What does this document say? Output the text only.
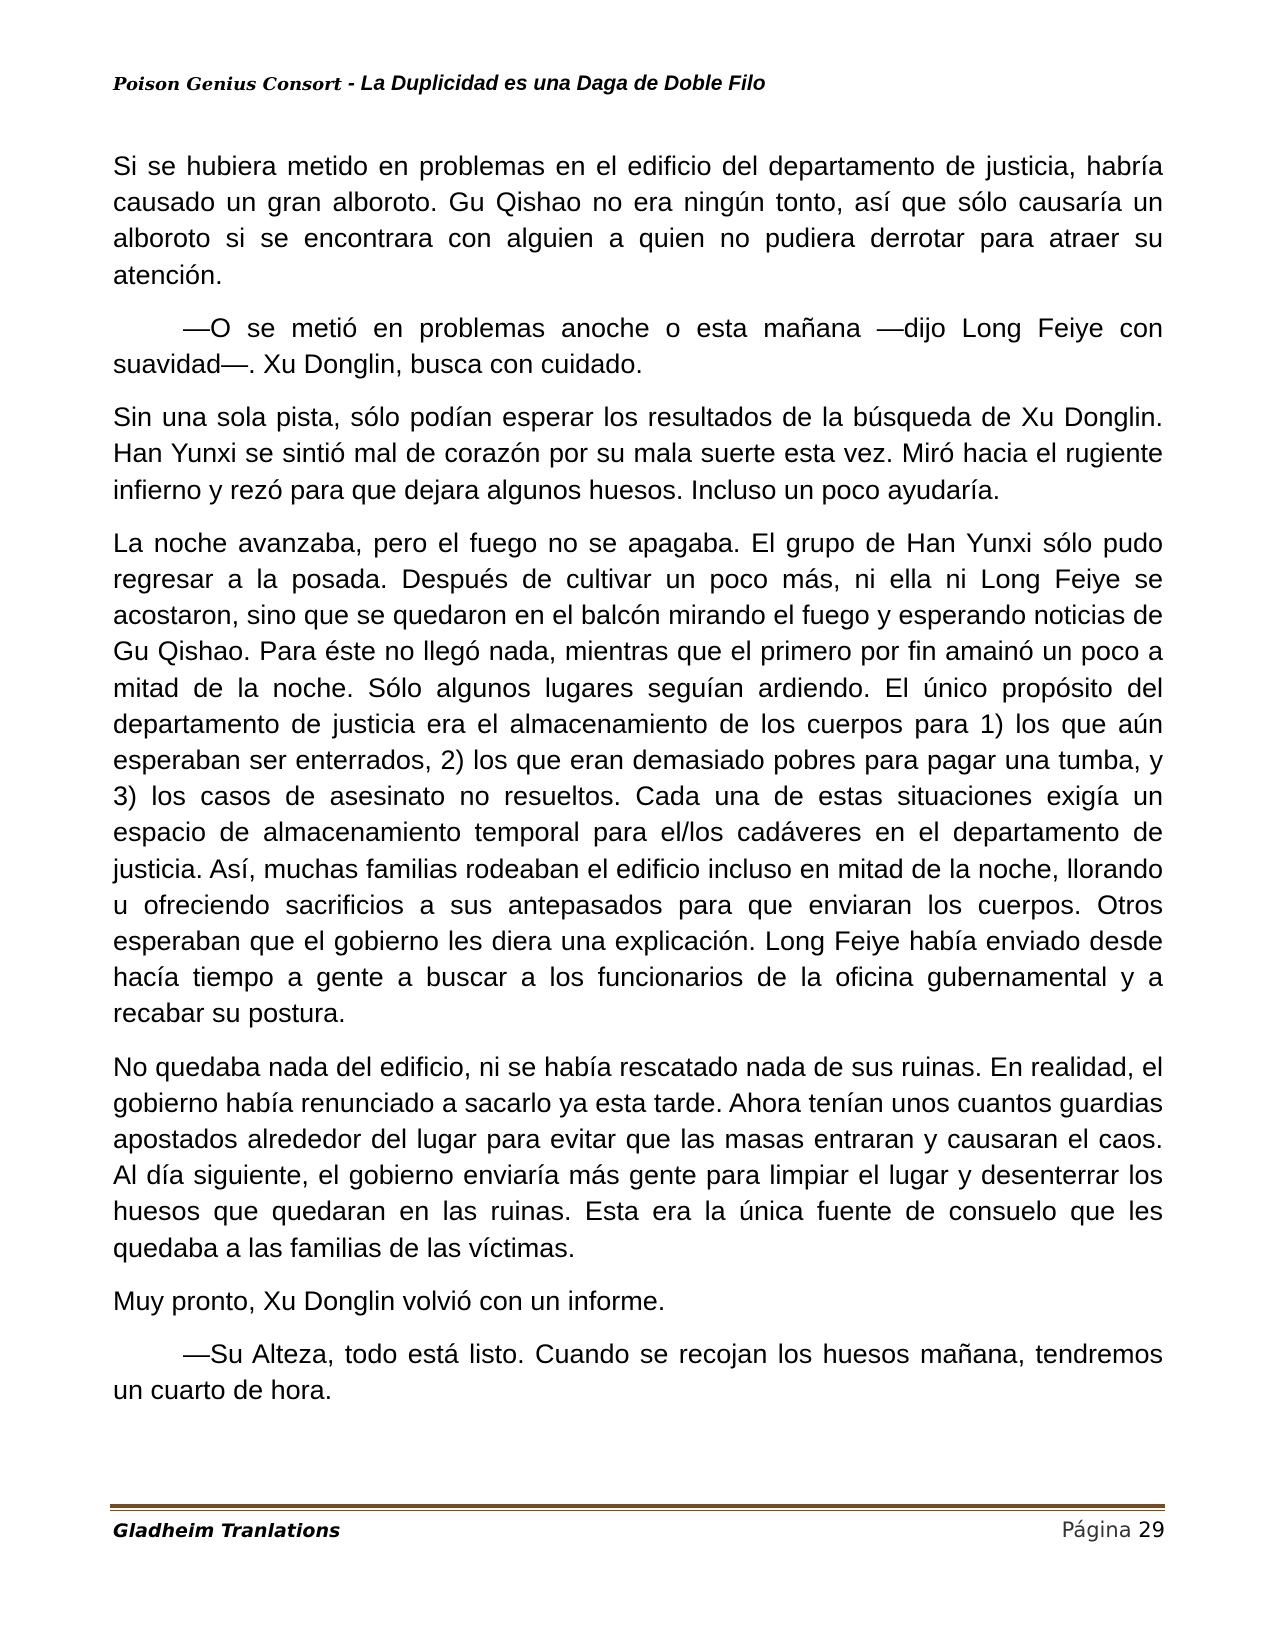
Poison Genius Consort - La Duplicidad es una Daga de Doble Filo

Si se hubiera metido en problemas en el edificio del departamento de justicia, habría causado un gran alboroto. Gu Qishao no era ningún tonto, así que sólo causaría un alboroto si se encontrara con alguien a quien no pudiera derrotar para atraer su atención.

—O se metió en problemas anoche o esta mañana —dijo Long Feiye con suavidad—. Xu Donglin, busca con cuidado.

Sin una sola pista, sólo podían esperar los resultados de la búsqueda de Xu Donglin. Han Yunxi se sintió mal de corazón por su mala suerte esta vez. Miró hacia el rugiente infierno y rezó para que dejara algunos huesos. Incluso un poco ayudaría.

La noche avanzaba, pero el fuego no se apagaba. El grupo de Han Yunxi sólo pudo regresar a la posada. Después de cultivar un poco más, ni ella ni Long Feiye se acostaron, sino que se quedaron en el balcón mirando el fuego y esperando noticias de Gu Qishao. Para éste no llegó nada, mientras que el primero por fin amainó un poco a mitad de la noche. Sólo algunos lugares seguían ardiendo. El único propósito del departamento de justicia era el almacenamiento de los cuerpos para 1) los que aún esperaban ser enterrados, 2) los que eran demasiado pobres para pagar una tumba, y 3) los casos de asesinato no resueltos. Cada una de estas situaciones exigía un espacio de almacenamiento temporal para el/los cadáveres en el departamento de justicia. Así, muchas familias rodeaban el edificio incluso en mitad de la noche, llorando u ofreciendo sacrificios a sus antepasados para que enviaran los cuerpos. Otros esperaban que el gobierno les diera una explicación. Long Feiye había enviado desde hacía tiempo a gente a buscar a los funcionarios de la oficina gubernamental y a recabar su postura.

No quedaba nada del edificio, ni se había rescatado nada de sus ruinas. En realidad, el gobierno había renunciado a sacarlo ya esta tarde. Ahora tenían unos cuantos guardias apostados alrededor del lugar para evitar que las masas entraran y causaran el caos. Al día siguiente, el gobierno enviaría más gente para limpiar el lugar y desenterrar los huesos que quedaran en las ruinas. Esta era la única fuente de consuelo que les quedaba a las familias de las víctimas.

Muy pronto, Xu Donglin volvió con un informe.

—Su Alteza, todo está listo. Cuando se recojan los huesos mañana, tendremos un cuarto de hora.

Gladheim Tranlations	Página 29
